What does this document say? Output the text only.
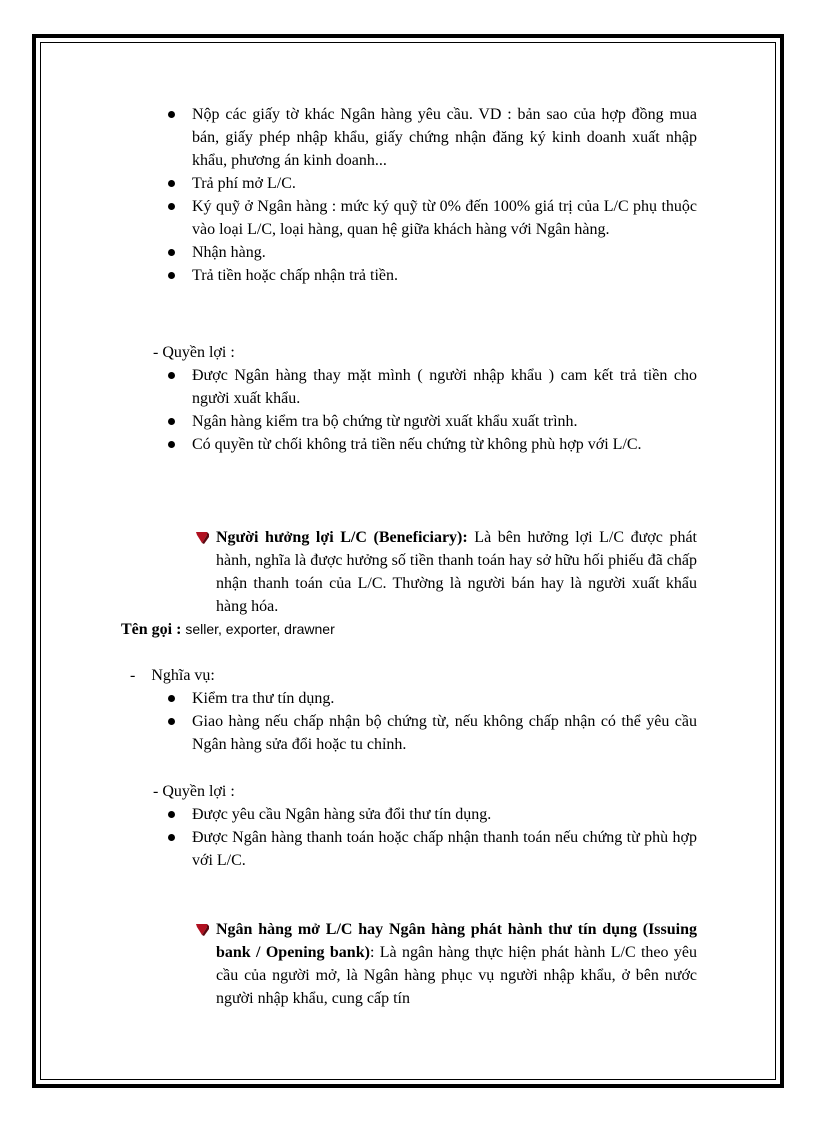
Nộp các giấy tờ khác Ngân hàng yêu cầu. VD : bản sao của hợp đồng mua bán, giấy phép nhập khẩu, giấy chứng nhận đăng ký kinh doanh xuất nhập khẩu, phương án kinh doanh...
Trả phí mở L/C.
Ký quỹ ở Ngân hàng : mức ký quỹ từ 0% đến 100% giá trị của L/C phụ thuộc vào loại L/C, loại hàng, quan hệ giữa khách hàng với Ngân hàng.
Nhận hàng.
Trả tiền hoặc chấp nhận trả tiền.
- Quyền lợi :
Được Ngân hàng thay mặt mình ( người nhập khẩu ) cam kết trả tiền cho người xuất khẩu.
Ngân hàng kiểm tra bộ chứng từ người xuất khẩu xuất trình.
Có quyền từ chối không trả tiền nếu chứng từ không phù hợp với L/C.
Người hưởng lợi L/C (Beneficiary): Là bên hưởng lợi L/C được phát hành, nghĩa là được hưởng số tiền thanh toán hay sở hữu hối phiếu đã chấp nhận thanh toán của L/C. Thường là người bán hay là người xuất khẩu hàng hóa.
Tên gọi : seller, exporter, drawner
-    Nghĩa vụ:
Kiểm tra thư tín dụng.
Giao hàng nếu chấp nhận bộ chứng từ, nếu không chấp nhận có thể yêu cầu Ngân hàng sửa đổi hoặc tu chỉnh.
- Quyền lợi :
Được yêu cầu Ngân hàng sửa đổi thư tín dụng.
Được Ngân hàng thanh toán hoặc chấp nhận thanh toán nếu chứng từ phù hợp với L/C.
Ngân hàng mở L/C hay Ngân hàng phát hành thư tín dụng (Issuing bank / Opening bank): Là ngân hàng thực hiện phát hành L/C theo yêu cầu của người mở, là Ngân hàng phục vụ người nhập khẩu, ở bên nước người nhập khẩu, cung cấp tín
